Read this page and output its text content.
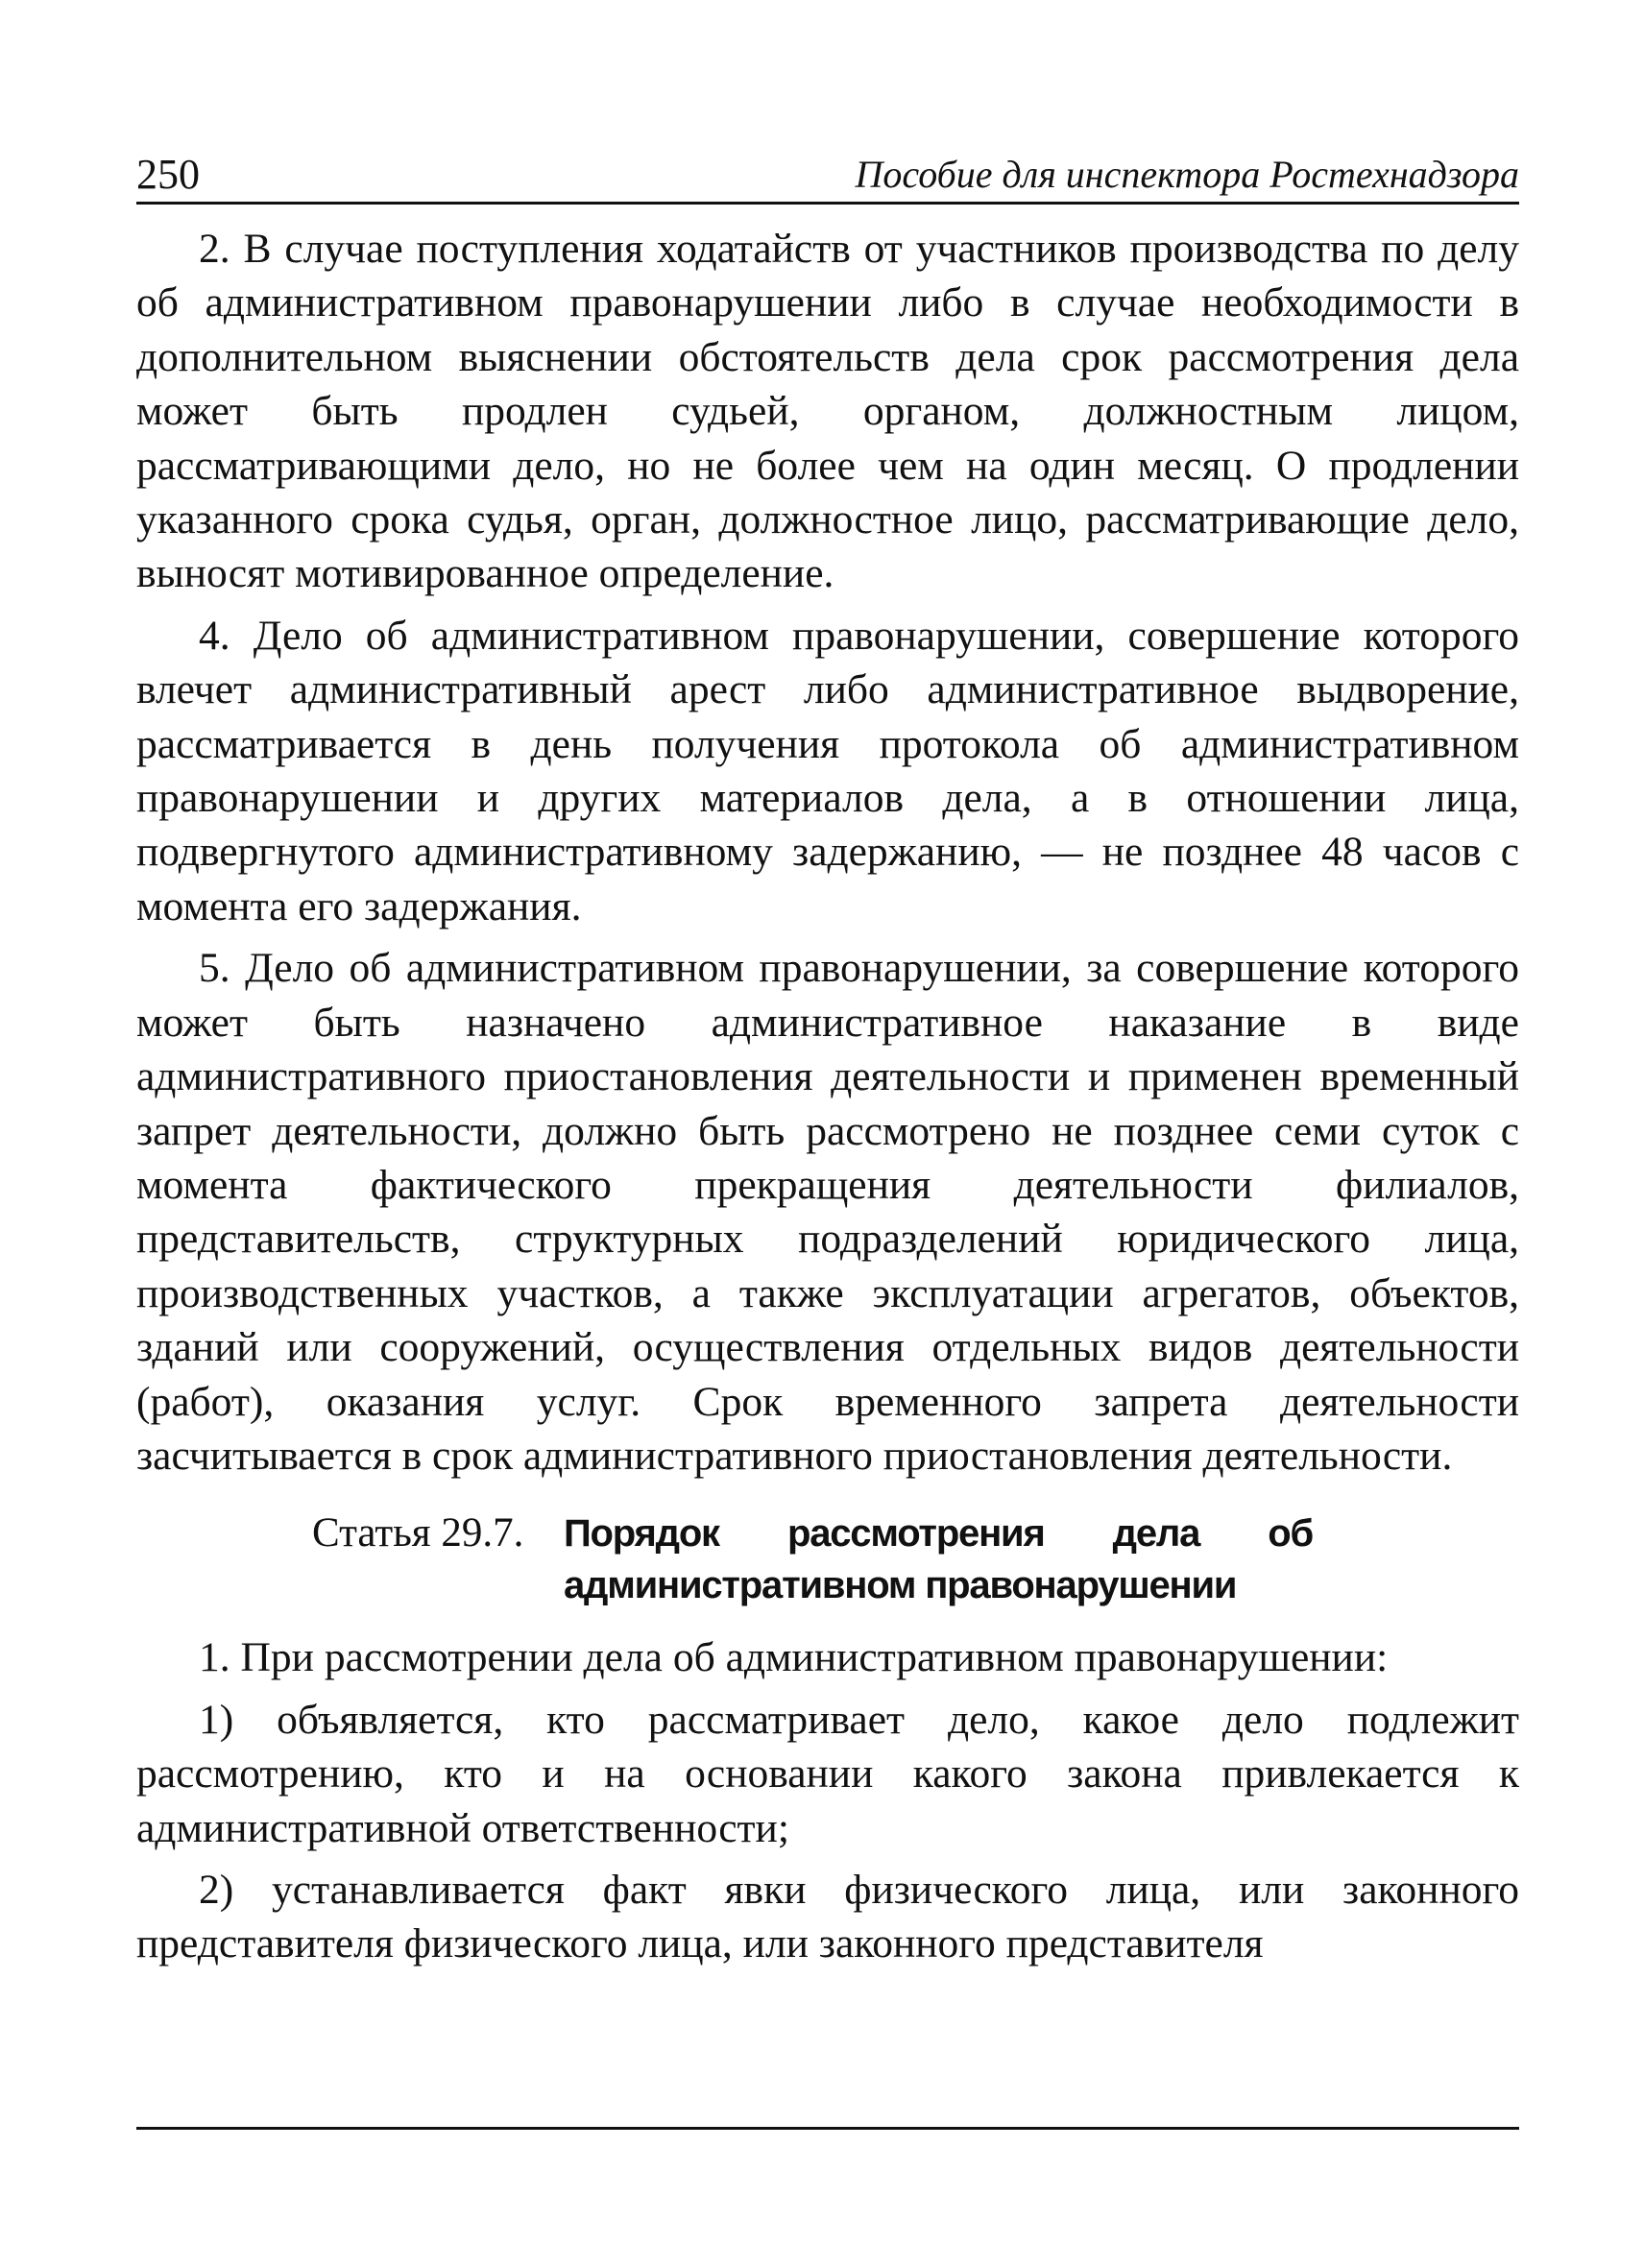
250	Пособие для инспектора Ростехнадзора

2. В случае поступления ходатайств от участников производства по делу об административном правонарушении либо в случае необходимости в дополнительном выяснении обстоятельств дела срок рассмотрения дела может быть продлен судьей, органом, должностным лицом, рассматривающими дело, но не более чем на один месяц. О продлении указанного срока судья, орган, должностное лицо, рассматривающие дело, выносят мотивированное определение.

4. Дело об административном правонарушении, совершение которого влечет административный арест либо административное выдворение, рассматривается в день получения протокола об административном правонарушении и других материалов дела, а в отношении лица, подвергнутого административному задержанию, — не позднее 48 часов с момента его задержания.

5. Дело об административном правонарушении, за совершение которого может быть назначено административное наказание в виде административного приостановления деятельности и применен временный запрет деятельности, должно быть рассмотрено не позднее семи суток с момента фактического прекращения деятельности филиалов, представительств, структурных подразделений юридического лица, производственных участков, а также эксплуатации агрегатов, объектов, зданий или сооружений, осуществления отдельных видов деятельности (работ), оказания услуг. Срок временного запрета деятельности засчитывается в срок административного приостановления деятельности.

Статья 29.7. Порядок рассмотрения дела об административном правонарушении

1. При рассмотрении дела об административном правонарушении:

1) объявляется, кто рассматривает дело, какое дело подлежит рассмотрению, кто и на основании какого закона привлекается к административной ответственности;

2) устанавливается факт явки физического лица, или законного представителя физического лица, или законного представителя
